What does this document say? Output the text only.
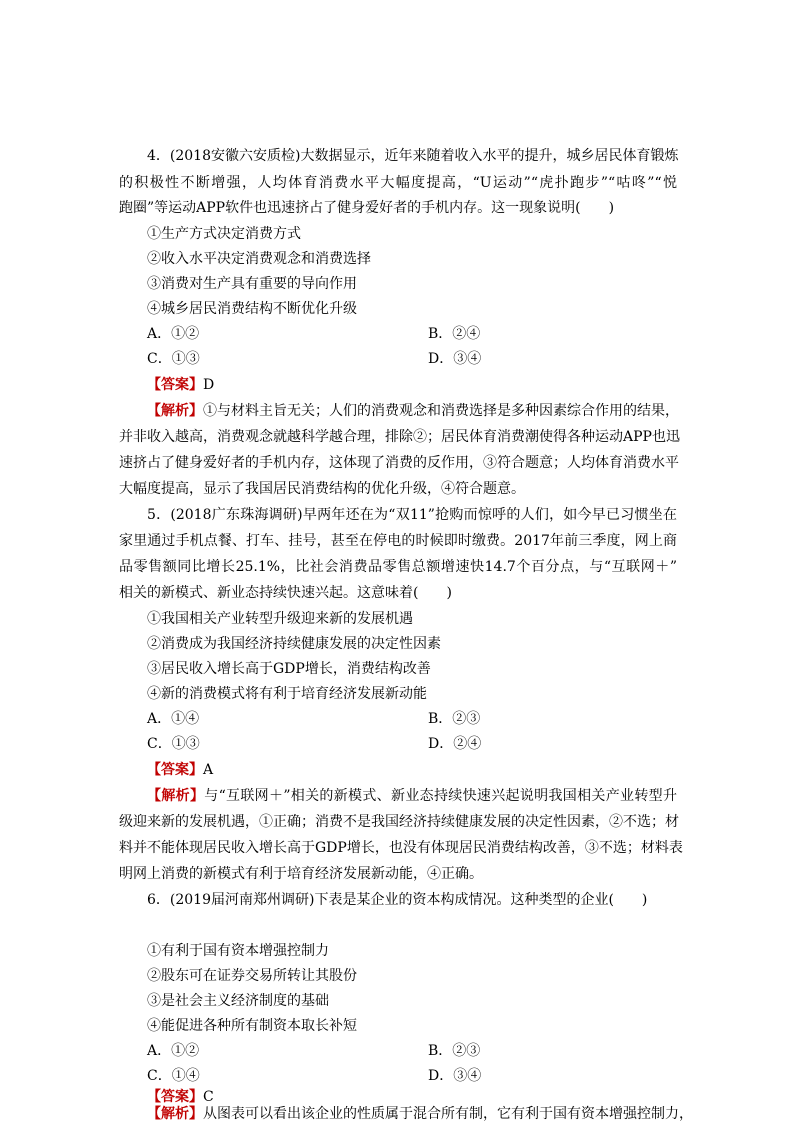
4．(2018安徽六安质检)大数据显示，近年来随着收入水平的提升，城乡居民体育锻炼
的积极性不断增强，人均体育消费水平大幅度提高，“U运动”“虎扑跑步”“咕咚”“悦
跑圈”等运动APP软件也迅速挤占了健身爱好者的手机内存。这一现象说明(　　)
①生产方式决定消费方式
②收入水平决定消费观念和消费选择
③消费对生产具有重要的导向作用
④城乡居民消费结构不断优化升级
A．①②	B．②④
C．①③	D．③④
【答案】D
【解析】①与材料主旨无关；人们的消费观念和消费选择是多种因素综合作用的结果，
并非收入越高，消费观念就越科学越合理，排除②；居民体育消费潮使得各种运动APP也迅
速挤占了健身爱好者的手机内存，这体现了消费的反作用，③符合题意；人均体育消费水平
大幅度提高，显示了我国居民消费结构的优化升级，④符合题意。
5．(2018广东珠海调研)早两年还在为“双11”抢购而惊呼的人们，如今早已习惯坐在
家里通过手机点餐、打车、挂号，甚至在停电的时候即时缴费。2017年前三季度，网上商
品零售额同比增长25.1%，比社会消费品零售总额增速快14.7个百分点，与“互联网＋”
相关的新模式、新业态持续快速兴起。这意味着(　　)
①我国相关产业转型升级迎来新的发展机遇
②消费成为我国经济持续健康发展的决定性因素
③居民收入增长高于GDP增长，消费结构改善
④新的消费模式将有利于培育经济发展新动能
A．①④	B．②③
C．①③	D．②④
【答案】A
【解析】与“互联网＋”相关的新模式、新业态持续快速兴起说明我国相关产业转型升
级迎来新的发展机遇，①正确；消费不是我国经济持续健康发展的决定性因素，②不选；材
料并不能体现居民收入增长高于GDP增长，也没有体现居民消费结构改善，③不选；材料表
明网上消费的新模式有利于培育经济发展新动能，④正确。
6．(2019届河南郑州调研)下表是某企业的资本构成情况。这种类型的企业(　　)
①有利于国有资本增强控制力
②股东可在证券交易所转让其股份
③是社会主义经济制度的基础
④能促进各种所有制资本取长补短
A．①②	B．②③
C．①④	D．③④
【答案】C
【解析】从图表可以看出该企业的性质属于混合所有制，它有利于国有资本增强控制力，
